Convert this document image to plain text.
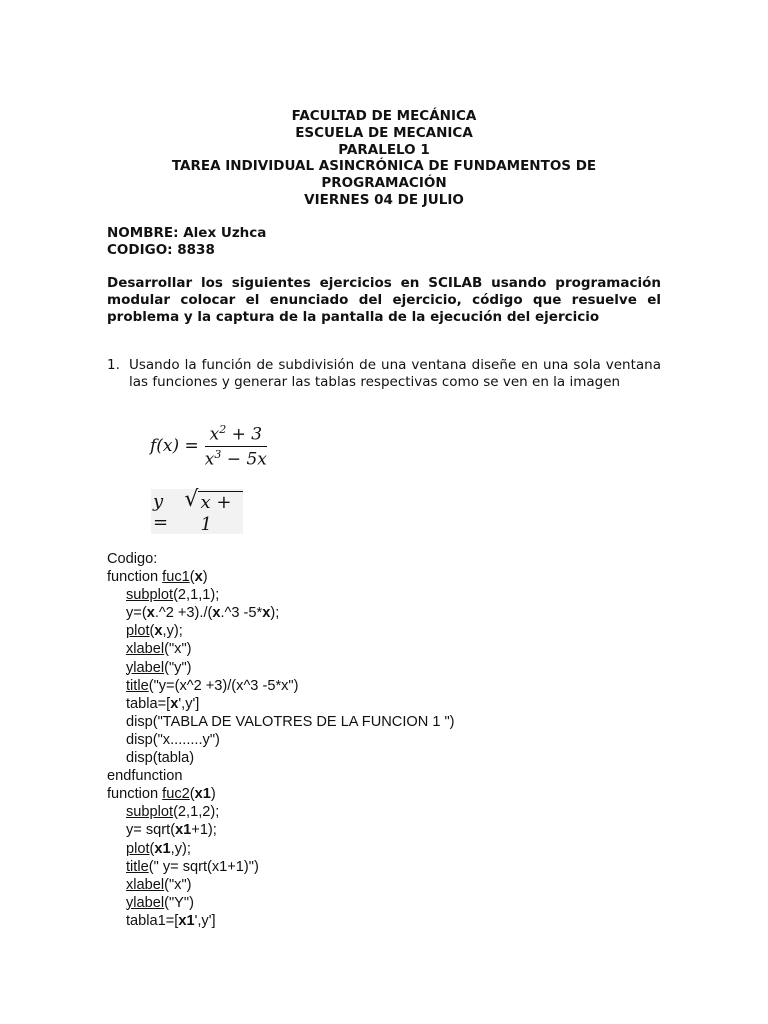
FACULTAD DE MECÁNICA
ESCUELA DE MECANICA
PARALELO 1
TAREA INDIVIDUAL ASINCRÓNICA DE FUNDAMENTOS DE
PROGRAMACIÓN
VIERNES 04 DE JULIO
NOMBRE: Alex Uzhca
CODIGO: 8838
Desarrollar los siguientes ejercicios en SCILAB usando programación modular colocar el enunciado del ejercicio, código que resuelve el problema y la captura de la pantalla de la ejecución del ejercicio
1. Usando la función de subdivisión de una ventana diseñe en una sola ventana las funciones y generar las tablas respectivas como se ven en la imagen
$f(x) = \frac{x^2 + 3}{x^3 - 5x}$
y =
√ x + 1
Codigo:
function fuc1(x)
subplot(2,1,1);
y=(x.^2 +3)./(x.^3 -5*x);
plot(x,y);
xlabel("x")
ylabel("y")
title("y=(x^2 +3)/(x^3 -5*x")
tabla=[x',y']
disp("TABLA DE VALOTRES DE LA FUNCION 1 ")
disp("x........y")
disp(tabla)
endfunction
function fuc2(x1)
subplot(2,1,2);
y= sqrt(x1+1);
plot(x1,y);
title(" y= sqrt(x1+1)")
xlabel("x")
ylabel("Y")
tabla1=[x1',y']
